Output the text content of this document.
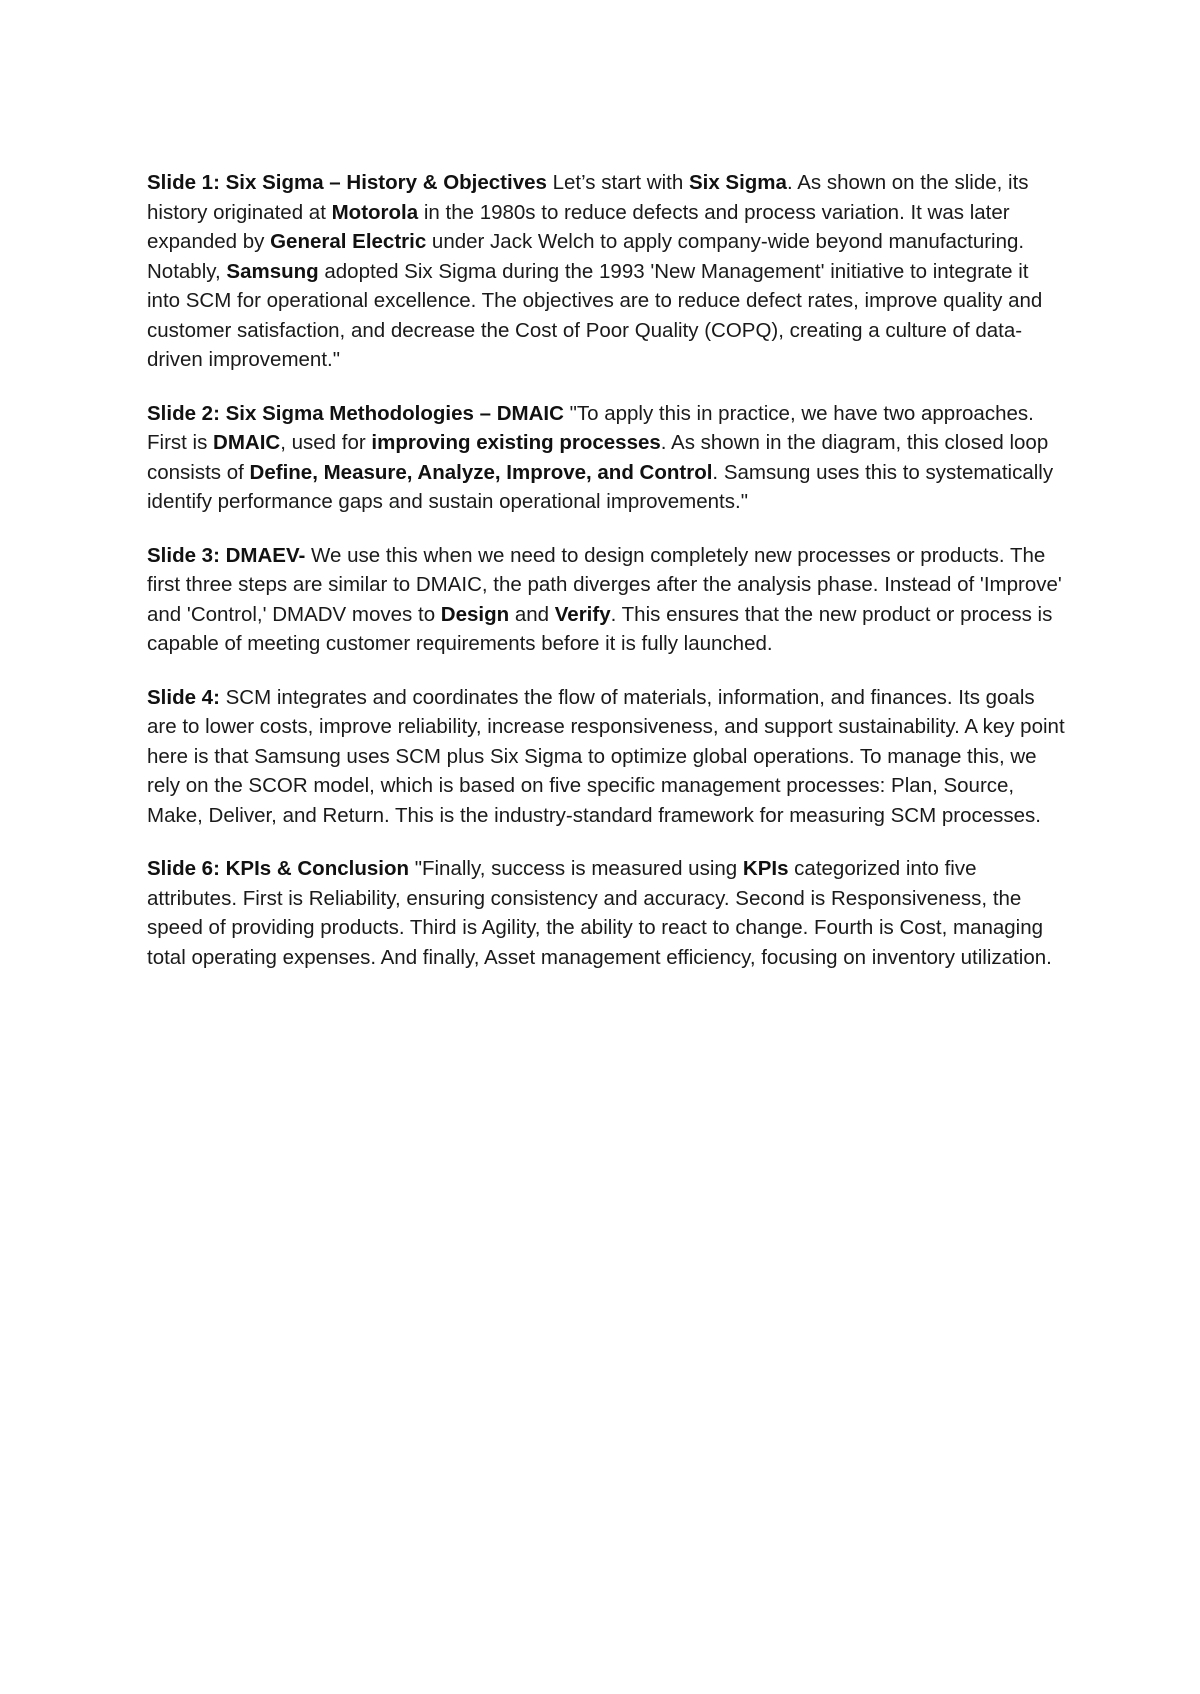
Slide 1: Six Sigma – History & Objectives Let’s start with Six Sigma. As shown on the slide, its history originated at Motorola in the 1980s to reduce defects and process variation. It was later expanded by General Electric under Jack Welch to apply company-wide beyond manufacturing. Notably, Samsung adopted Six Sigma during the 1993 'New Management' initiative to integrate it into SCM for operational excellence. The objectives are to reduce defect rates, improve quality and customer satisfaction, and decrease the Cost of Poor Quality (COPQ), creating a culture of data-driven improvement."

Slide 2: Six Sigma Methodologies – DMAIC "To apply this in practice, we have two approaches. First is DMAIC, used for improving existing processes. As shown in the diagram, this closed loop consists of Define, Measure, Analyze, Improve, and Control. Samsung uses this to systematically identify performance gaps and sustain operational improvements."

Slide 3: DMAEV- We use this when we need to design completely new processes or products. The first three steps are similar to DMAIC, the path diverges after the analysis phase. Instead of 'Improve' and 'Control,' DMADV moves to Design and Verify. This ensures that the new product or process is capable of meeting customer requirements before it is fully launched.

Slide 4: SCM integrates and coordinates the flow of materials, information, and finances. Its goals are to lower costs, improve reliability, increase responsiveness, and support sustainability. A key point here is that Samsung uses SCM plus Six Sigma to optimize global operations. To manage this, we rely on the SCOR model, which is based on five specific management processes: Plan, Source, Make, Deliver, and Return. This is the industry-standard framework for measuring SCM processes.

Slide 6: KPIs & Conclusion "Finally, success is measured using KPIs categorized into five attributes. First is Reliability, ensuring consistency and accuracy. Second is Responsiveness, the speed of providing products. Third is Agility, the ability to react to change. Fourth is Cost, managing total operating expenses. And finally, Asset management efficiency, focusing on inventory utilization.
